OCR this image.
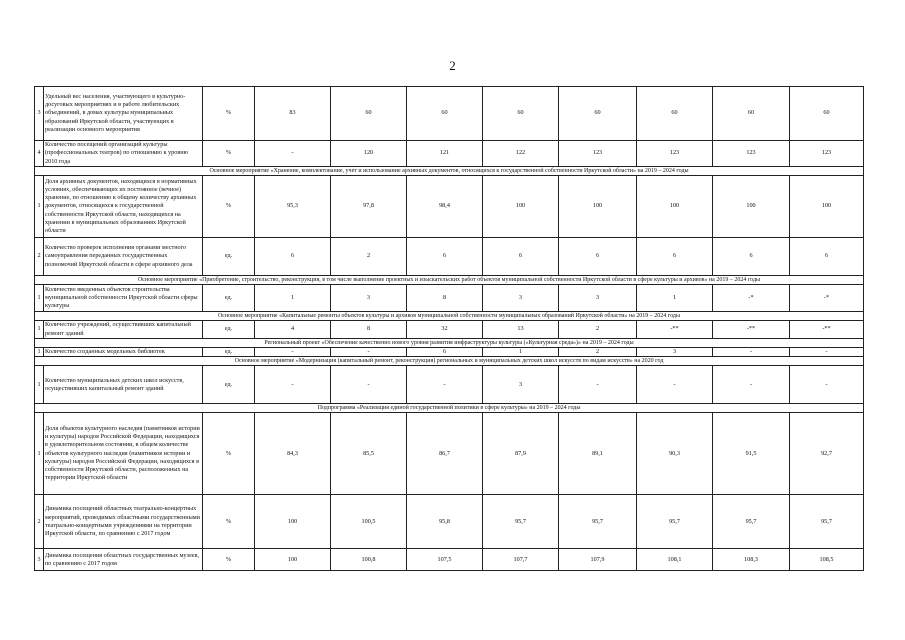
2
3	Удельный вес населения, участвующего в культурно-досуговых мероприятиях и в работе любительских объединений, в домах культуры муниципальных образований Иркутской области, участвующих в реализации основного мероприятия	%	83	60	60	60	60	60	60	60
4	Количество посещений организаций культуры (профессиональных театров) по отношению к уровню 2010 года	%	-	120	121	122	123	123	123	123
Основное мероприятие «Хранение, комплектование, учет и использование архивных документов, относящихся к государственной собственности Иркутской области» на 2019 – 2024 годы										
1	Доля архивных документов, находящихся в нормативных условиях, обеспечивающих их постоянное (вечное) хранение, по отношению к общему количеству архивных документов, относящихся к государственной собственности Иркутской области, находящихся на хранении в муниципальных образованиях Иркутской области	%	95,3	97,8	98,4	100	100	100	100	100
2	Количество проверок исполнения органами местного самоуправления переданных государственных полномочий Иркутской области в сфере архивного дела	ед.	6	2	6	6	6	6	6	6
Основное мероприятие «Приобретение, строительство, реконструкция, в том числе выполнение проектных и изыскательских работ объектов муниципальной собственности Иркутской области в сфере культуры и архивов» на 2019 – 2024 годы										
1	Количество введенных объектов строительства муниципальной собственности Иркутской области сферы культуры	ед.	1	3	8	3	3	1	-*	-*
Основное мероприятие «Капитальные ремонты объектов культуры и архивов муниципальной собственности муниципальных образований Иркутской области» на 2019 – 2024 годы										
1	Количество учреждений, осуществивших капитальный ремонт зданий	ед.	4	8	32	13	2	-**	-**	-**
Региональный проект «Обеспечение качественно нового уровня развития инфраструктуры культуры («Культурная среда»)» на 2019 – 2024 годы										
1	Количество созданных модельных библиотек	ед.	-	-	6	1	2	3	-	-
Основное мероприятие «Модернизация (капитальный ремонт, реконструкция) региональных и муниципальных детских школ искусств по видам искусств» на 2020 год										
1	Количество муниципальных детских школ искусств, осуществивших капитальный ремонт зданий	ед.	-	-	-	3	-	-	-	-
Подпрограмма «Реализация единой государственной политики в сфере культуры» на 2019 – 2024 годы										
1	Доля объектов культурного наследия (памятников истории и культуры) народов Российской Федерации, находящихся в удовлетворительном состоянии, в общем количестве объектов культурного наследия (памятников истории и культуры) народов Российской Федерации, находящихся в собственности Иркутской области, расположенных на территории Иркутской области	%	84,3	85,5	86,7	87,9	89,1	90,3	91,5	92,7
2	Динамика посещений областных театрально-концертных мероприятий, проводимых областными государственными театрально-концертными учреждениями на территории Иркутской области, по сравнению с 2017 годом	%	100	100,5	95,8	95,7	95,7	95,7	95,7	95,7
3	Динамика посещения областных государственных музеев, по сравнению с 2017 годом	%	100	100,8	107,5	107,7	107,9	108,1	108,3	108,5
